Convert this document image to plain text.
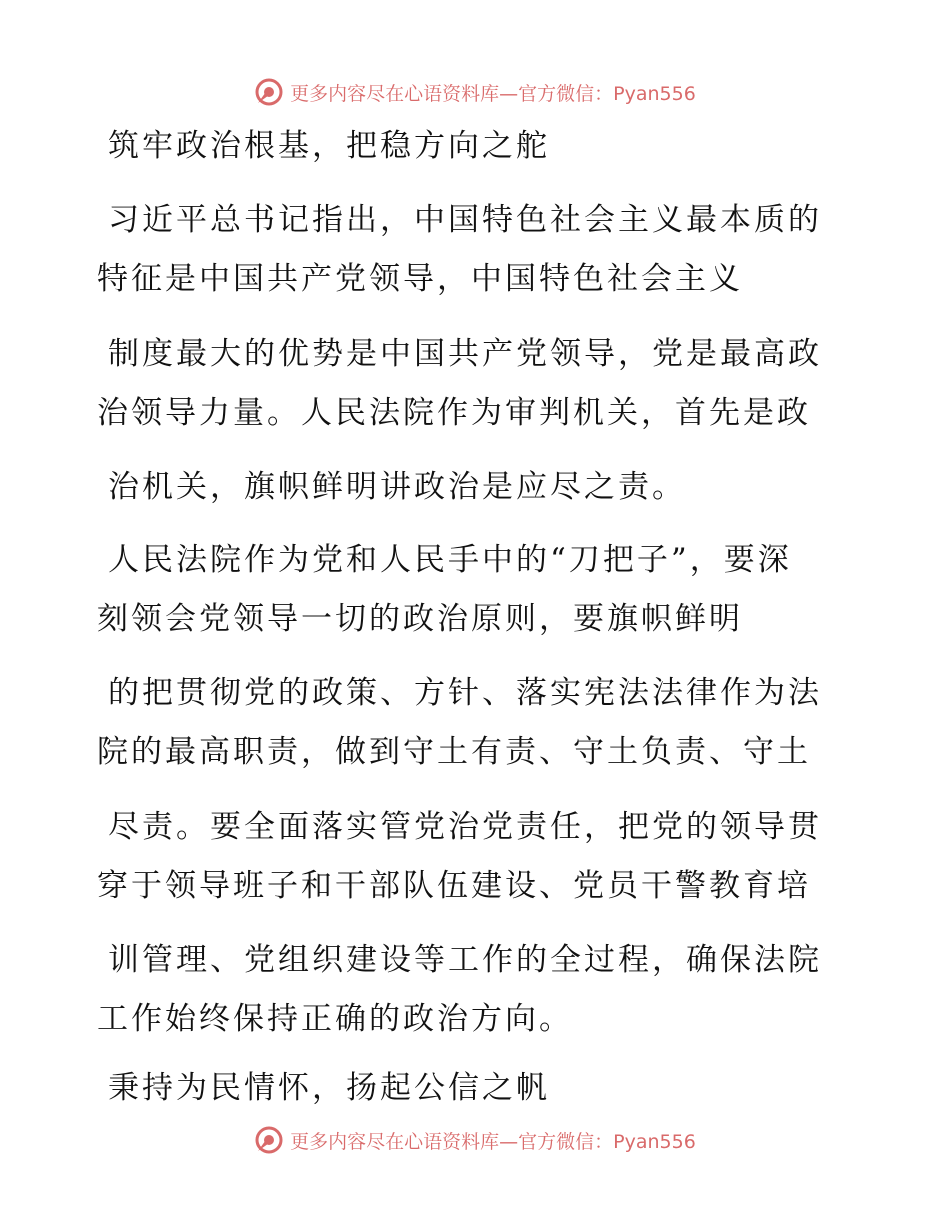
更多内容尽在心语资料库—官方微信：Pyan556
筑牢政治根基，把稳方向之舵
习近平总书记指出，中国特色社会主义最本质的
特征是中国共产党领导，中国特色社会主义
制度最大的优势是中国共产党领导，党是最高政
治领导力量。人民法院作为审判机关，首先是政
治机关，旗帜鲜明讲政治是应尽之责。
人民法院作为党和人民手中的“刀把子”，要深
刻领会党领导一切的政治原则，要旗帜鲜明
的把贯彻党的政策、方针、落实宪法法律作为法
院的最高职责，做到守土有责、守土负责、守土
尽责。要全面落实管党治党责任，把党的领导贯
穿于领导班子和干部队伍建设、党员干警教育培
训管理、党组织建设等工作的全过程，确保法院
工作始终保持正确的政治方向。
秉持为民情怀，扬起公信之帆
更多内容尽在心语资料库—官方微信：Pyan556
